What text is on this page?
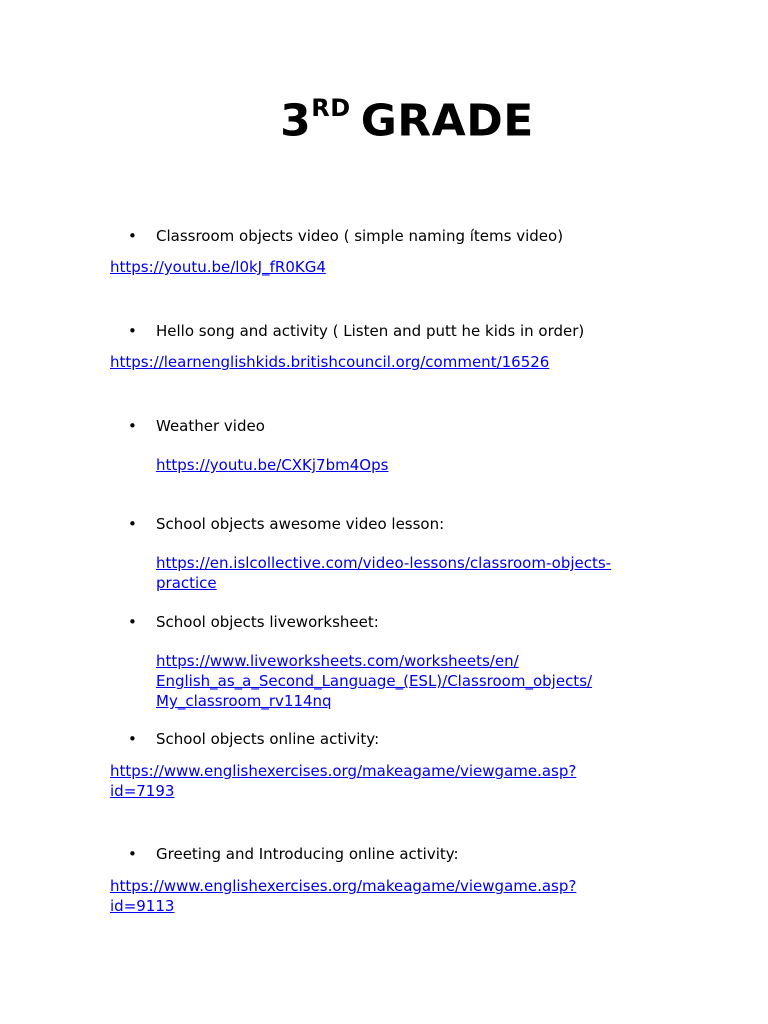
3RD GRADE
• Classroom objects video ( simple naming ítems video)
https://youtu.be/l0kJ_fR0KG4
• Hello song and activity ( Listen and putt he kids in order)
https://learnenglishkids.britishcouncil.org/comment/16526
• Weather video
https://youtu.be/CXKj7bm4Ops
• School objects awesome video lesson:
https://en.islcollective.com/video-lessons/classroom-objects-
practice
• School objects liveworksheet:
https://www.liveworksheets.com/worksheets/en/
English_as_a_Second_Language_(ESL)/Classroom_objects/
My_classroom_rv114nq
• School objects online activity:
https://www.englishexercises.org/makeagame/viewgame.asp?
id=7193
• Greeting and Introducing online activity:
https://www.englishexercises.org/makeagame/viewgame.asp?
id=9113
